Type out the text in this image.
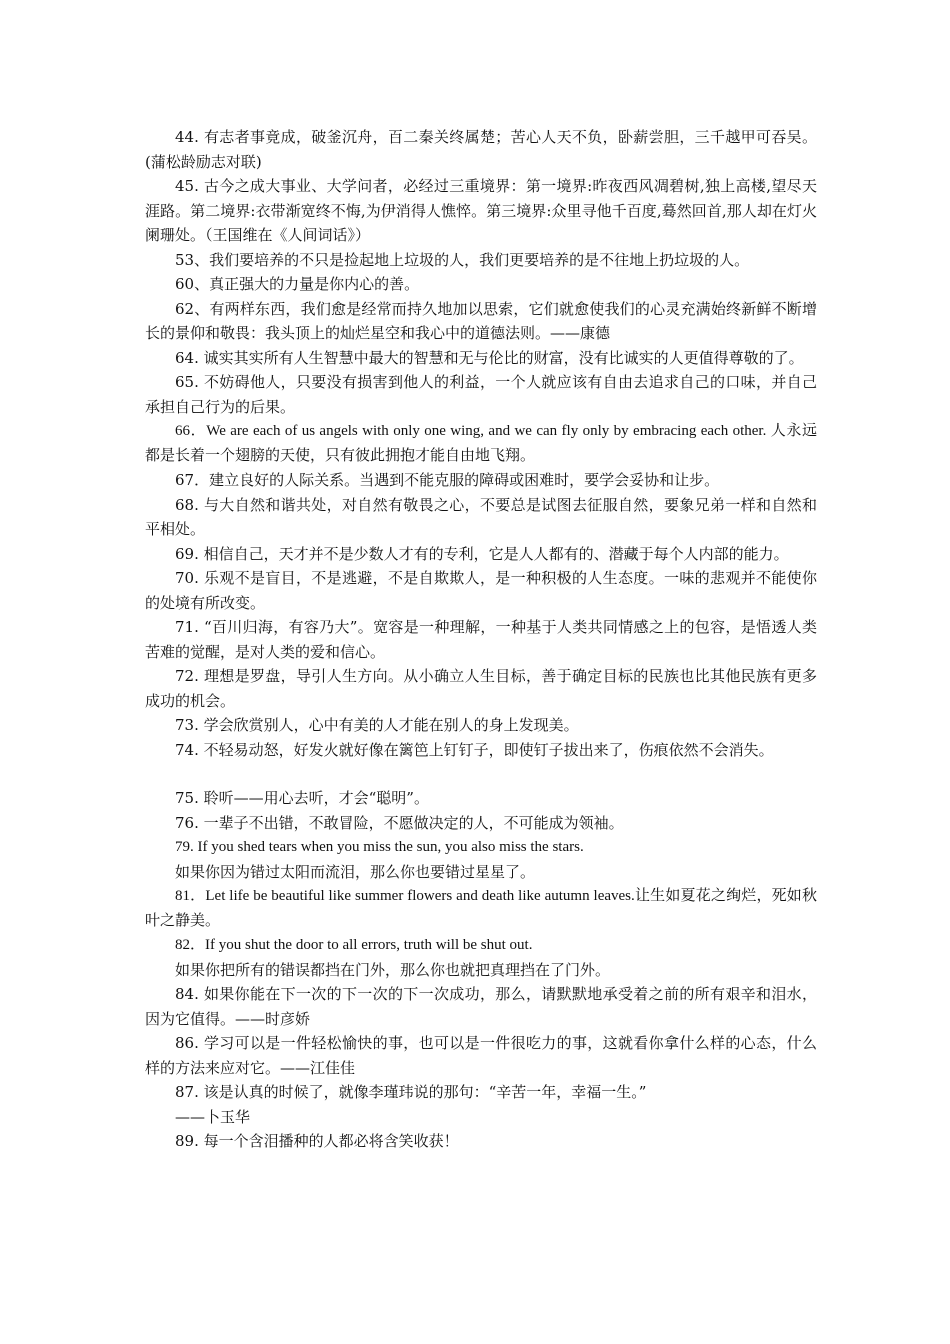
44. 有志者事竟成，破釜沉舟，百二秦关终属楚；苦心人天不负，卧薪尝胆，三千越甲可吞吴。(蒲松龄励志对联)

45. 古今之成大事业、大学问者，必经过三重境界：第一境界:昨夜西风凋碧树,独上高楼,望尽天涯路。第二境界:衣带渐宽终不悔,为伊消得人憔悴。第三境界:众里寻他千百度,蓦然回首,那人却在灯火阑珊处。（王国维在《人间词话》）

53、我们要培养的不只是捡起地上垃圾的人，我们更要培养的是不往地上扔垃圾的人。

60、真正强大的力量是你内心的善。

62、有两样东西，我们愈是经常而持久地加以思索，它们就愈使我们的心灵充满始终新鲜不断增长的景仰和敬畏：我头顶上的灿烂星空和我心中的道德法则。——康德

64. 诚实其实所有人生智慧中最大的智慧和无与伦比的财富，没有比诚实的人更值得尊敬的了。

65. 不妨碍他人，只要没有损害到他人的利益，一个人就应该有自由去追求自己的口味，并自己承担自己行为的后果。

66．We are each of us angels with only one wing, and we can fly only by embracing each other. 人永远都是长着一个翅膀的天使，只有彼此拥抱才能自由地飞翔。

67．建立良好的人际关系。当遇到不能克服的障碍或困难时，要学会妥协和让步。

68. 与大自然和谐共处，对自然有敬畏之心，不要总是试图去征服自然，要象兄弟一样和自然和平相处。

69. 相信自己，天才并不是少数人才有的专利，它是人人都有的、潜藏于每个人内部的能力。

70. 乐观不是盲目，不是逃避，不是自欺欺人，是一种积极的人生态度。一味的悲观并不能使你的处境有所改变。

71. “百川归海，有容乃大”。宽容是一种理解，一种基于人类共同情感之上的包容，是悟透人类苦难的觉醒，是对人类的爱和信心。

72. 理想是罗盘，导引人生方向。从小确立人生目标，善于确定目标的民族也比其他民族有更多成功的机会。

73. 学会欣赏别人，心中有美的人才能在别人的身上发现美。

74. 不轻易动怒，好发火就好像在篱笆上钉钉子，即使钉子拔出来了，伤痕依然不会消失。

75. 聆听——用心去听，才会“聪明”。

76. 一辈子不出错，不敢冒险，不愿做决定的人，不可能成为领袖。

79. If you shed tears when you miss the sun, you also miss the stars.

如果你因为错过太阳而流泪，那么你也要错过星星了。

81．Let life be beautiful like summer flowers and death like autumn leaves.让生如夏花之绚烂，死如秋叶之静美。

82．If you shut the door to all errors, truth will be shut out.

如果你把所有的错误都挡在门外，那么你也就把真理挡在了门外。

84. 如果你能在下一次的下一次的下一次成功，那么，请默默地承受着之前的所有艰辛和泪水，因为它值得。——时彦娇

86. 学习可以是一件轻松愉快的事，也可以是一件很吃力的事，这就看你拿什么样的心态，什么样的方法来应对它。——江佳佳

87. 该是认真的时候了，就像李瑾玮说的那句：“辛苦一年，幸福一生。”

——卜玉华

89. 每一个含泪播种的人都必将含笑收获！
